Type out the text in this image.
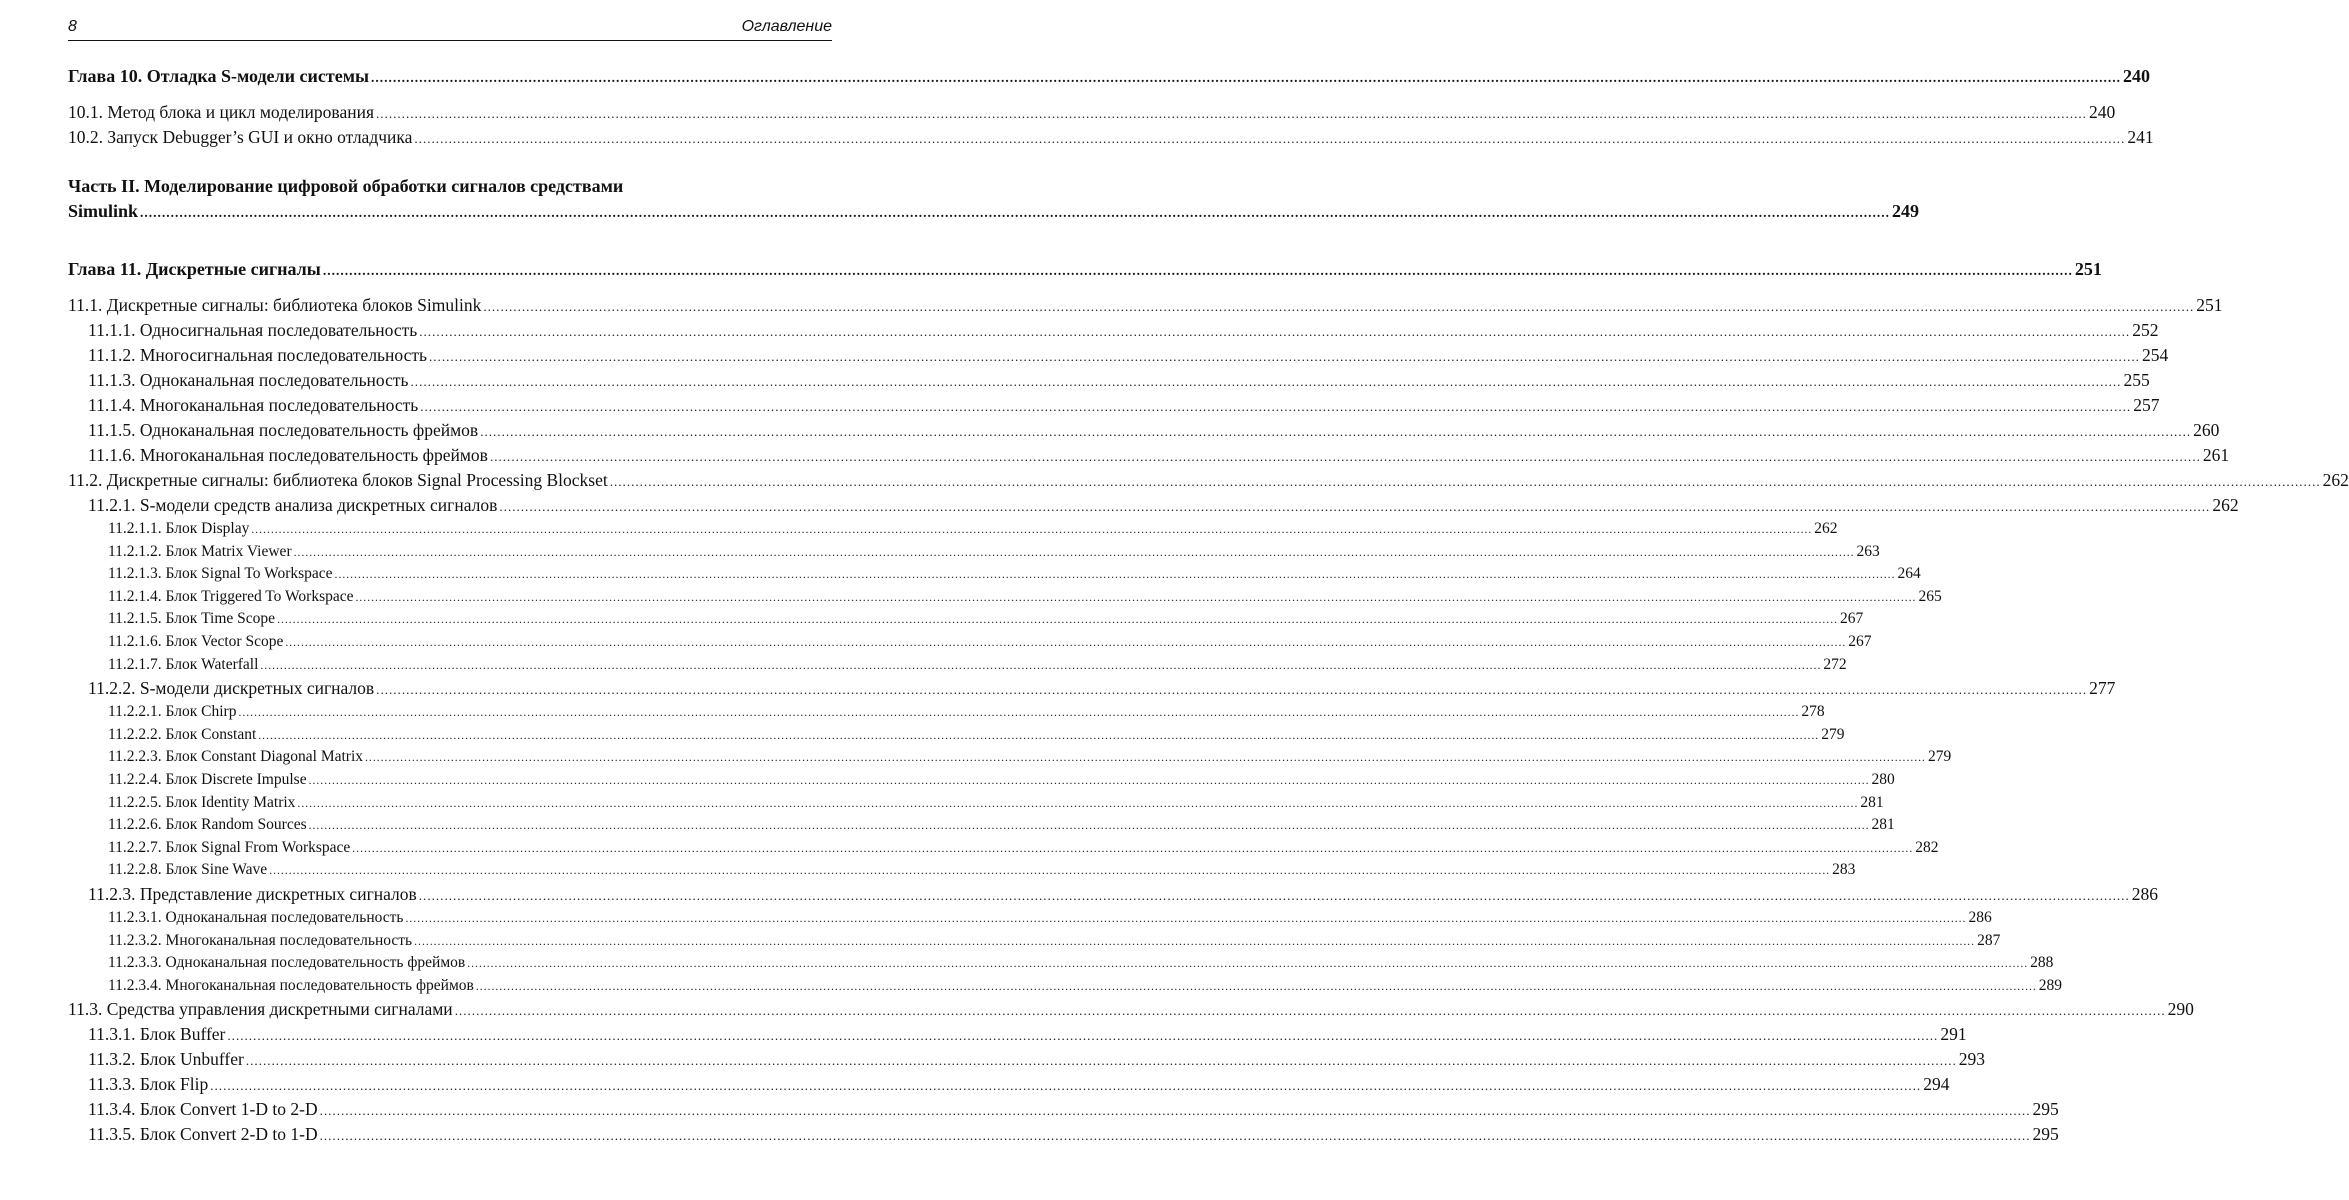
8	Оглавление
Глава 10. Отладка S-модели системы ................................................................................................................................................................................................................................................................................................................................................................................................................ 240
10.1. Метод блока и цикл моделирования ................................................................................................................................................................................................................................................................................................................................................................................................................ 240
10.2. Запуск Debugger’s GUI и окно отладчика ................................................................................................................................................................................................................................................................................................................................................................................................................ 241
Часть II. Моделирование цифровой обработки сигналов средствами
Simulink ................................................................................................................................................................................................................................................................................................................................................................................................................ 249
Глава 11. Дискретные сигналы ................................................................................................................................................................................................................................................................................................................................................................................................................ 251
11.1. Дискретные сигналы: библиотека блоков Simulink ................................................................................................................................................................................................................................................................................................................................................................................................................ 251
11.1.1. Односигнальная последовательность ................................................................................................................................................................................................................................................................................................................................................................................................................ 252
11.1.2. Многосигнальная последовательность ................................................................................................................................................................................................................................................................................................................................................................................................................ 254
11.1.3. Одноканальная последовательность ................................................................................................................................................................................................................................................................................................................................................................................................................ 255
11.1.4. Многоканальная последовательность ................................................................................................................................................................................................................................................................................................................................................................................................................ 257
11.1.5. Одноканальная последовательность фреймов ................................................................................................................................................................................................................................................................................................................................................................................................................ 260
11.1.6. Многоканальная последовательность фреймов ................................................................................................................................................................................................................................................................................................................................................................................................................ 261
11.2. Дискретные сигналы: библиотека блоков Signal Processing Blockset ................................................................................................................................................................................................................................................................................................................................................................................................................ 262
11.2.1. S-модели средств анализа дискретных сигналов ................................................................................................................................................................................................................................................................................................................................................................................................................ 262
11.2.1.1. Блок Display ................................................................................................................................................................................................................................................................................................................................................................................................................ 262
11.2.1.2. Блок Matrix Viewer ................................................................................................................................................................................................................................................................................................................................................................................................................ 263
11.2.1.3. Блок Signal To Workspace ................................................................................................................................................................................................................................................................................................................................................................................................................ 264
11.2.1.4. Блок Triggered To Workspace ................................................................................................................................................................................................................................................................................................................................................................................................................ 265
11.2.1.5. Блок Time Scope ................................................................................................................................................................................................................................................................................................................................................................................................................ 267
11.2.1.6. Блок Vector Scope ................................................................................................................................................................................................................................................................................................................................................................................................................ 267
11.2.1.7. Блок Waterfall ................................................................................................................................................................................................................................................................................................................................................................................................................ 272
11.2.2. S-модели дискретных сигналов ................................................................................................................................................................................................................................................................................................................................................................................................................ 277
11.2.2.1. Блок Chirp ................................................................................................................................................................................................................................................................................................................................................................................................................ 278
11.2.2.2. Блок Constant ................................................................................................................................................................................................................................................................................................................................................................................................................ 279
11.2.2.3. Блок Constant Diagonal Matrix ................................................................................................................................................................................................................................................................................................................................................................................................................ 279
11.2.2.4. Блок Discrete Impulse ................................................................................................................................................................................................................................................................................................................................................................................................................ 280
11.2.2.5. Блок Identity Matrix ................................................................................................................................................................................................................................................................................................................................................................................................................ 281
11.2.2.6. Блок Random Sources ................................................................................................................................................................................................................................................................................................................................................................................................................ 281
11.2.2.7. Блок Signal From Workspace ................................................................................................................................................................................................................................................................................................................................................................................................................ 282
11.2.2.8. Блок Sine Wave ................................................................................................................................................................................................................................................................................................................................................................................................................ 283
11.2.3. Представление дискретных сигналов ................................................................................................................................................................................................................................................................................................................................................................................................................ 286
11.2.3.1. Одноканальная последовательность ................................................................................................................................................................................................................................................................................................................................................................................................................ 286
11.2.3.2. Многоканальная последовательность ................................................................................................................................................................................................................................................................................................................................................................................................................ 287
11.2.3.3. Одноканальная последовательность фреймов ................................................................................................................................................................................................................................................................................................................................................................................................................ 288
11.2.3.4. Многоканальная последовательность фреймов ................................................................................................................................................................................................................................................................................................................................................................................................................ 289
11.3. Средства управления дискретными сигналами ................................................................................................................................................................................................................................................................................................................................................................................................................ 290
11.3.1. Блок Buffer ................................................................................................................................................................................................................................................................................................................................................................................................................ 291
11.3.2. Блок Unbuffer ................................................................................................................................................................................................................................................................................................................................................................................................................ 293
11.3.3. Блок Flip ................................................................................................................................................................................................................................................................................................................................................................................................................ 294
11.3.4. Блок Convert 1-D to 2-D ................................................................................................................................................................................................................................................................................................................................................................................................................ 295
11.3.5. Блок Convert 2-D to 1-D ................................................................................................................................................................................................................................................................................................................................................................................................................ 295
